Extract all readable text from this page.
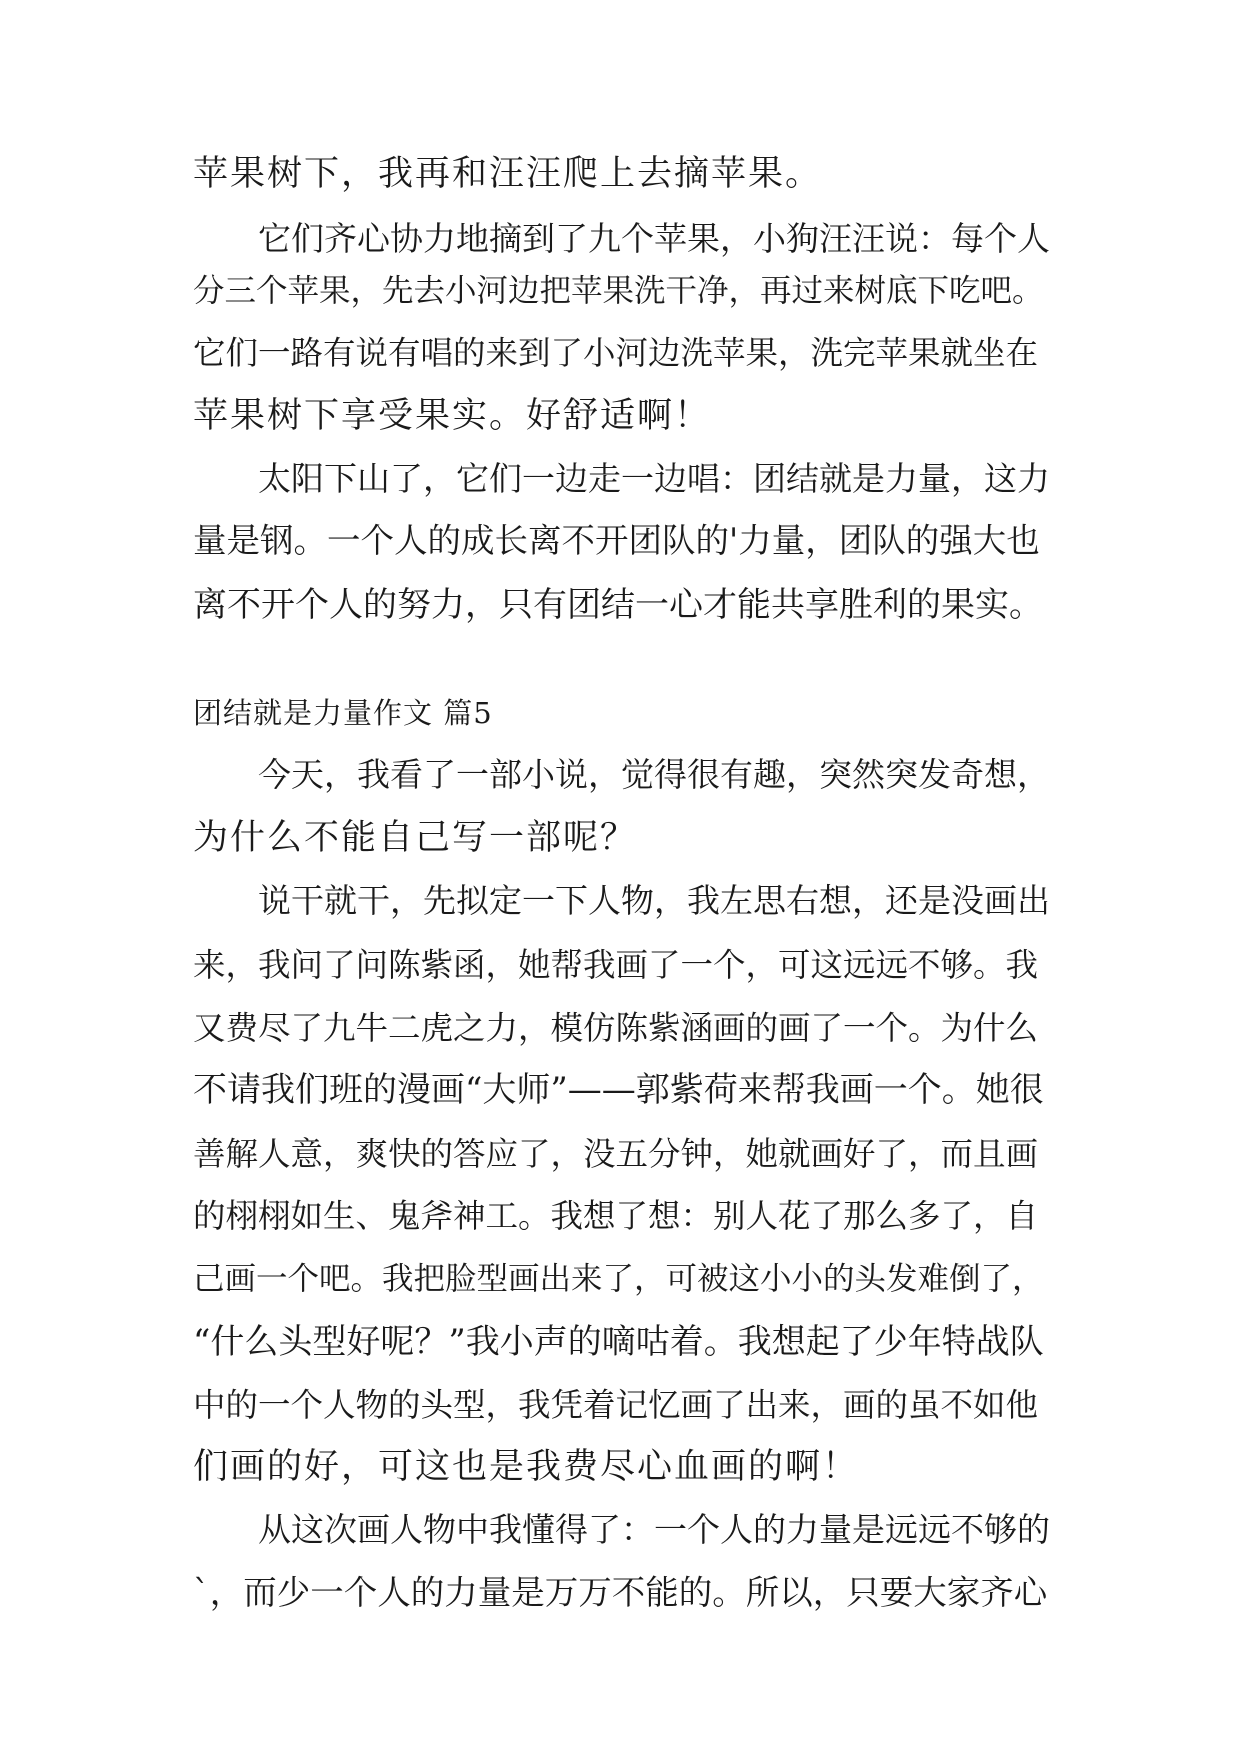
苹果树下，我再和汪汪爬上去摘苹果。
它们齐心协力地摘到了九个苹果，小狗汪汪说：每个人
分三个苹果，先去小河边把苹果洗干净，再过来树底下吃吧。
它们一路有说有唱的来到了小河边洗苹果，洗完苹果就坐在
苹果树下享受果实。好舒适啊！
太阳下山了，它们一边走一边唱：团结就是力量，这力
量是钢。一个人的成长离不开团队的'力量，团队的强大也
离不开个人的努力，只有团结一心才能共享胜利的果实。
团结就是力量作文 篇5
今天，我看了一部小说，觉得很有趣，突然突发奇想，
为什么不能自己写一部呢？
说干就干，先拟定一下人物，我左思右想，还是没画出
来，我问了问陈紫函，她帮我画了一个，可这远远不够。我
又费尽了九牛二虎之力，模仿陈紫涵画的画了一个。为什么
不请我们班的漫画“大师”——郭紫荷来帮我画一个。她很
善解人意，爽快的答应了，没五分钟，她就画好了，而且画
的栩栩如生、鬼斧神工。我想了想：别人花了那么多了，自
己画一个吧。我把脸型画出来了，可被这小小的头发难倒了，
“什么头型好呢？”我小声的嘀咕着。我想起了少年特战队
中的一个人物的头型，我凭着记忆画了出来，画的虽不如他
们画的好，可这也是我费尽心血画的啊！
从这次画人物中我懂得了：一个人的力量是远远不够的
`，而少一个人的力量是万万不能的。所以，只要大家齐心
